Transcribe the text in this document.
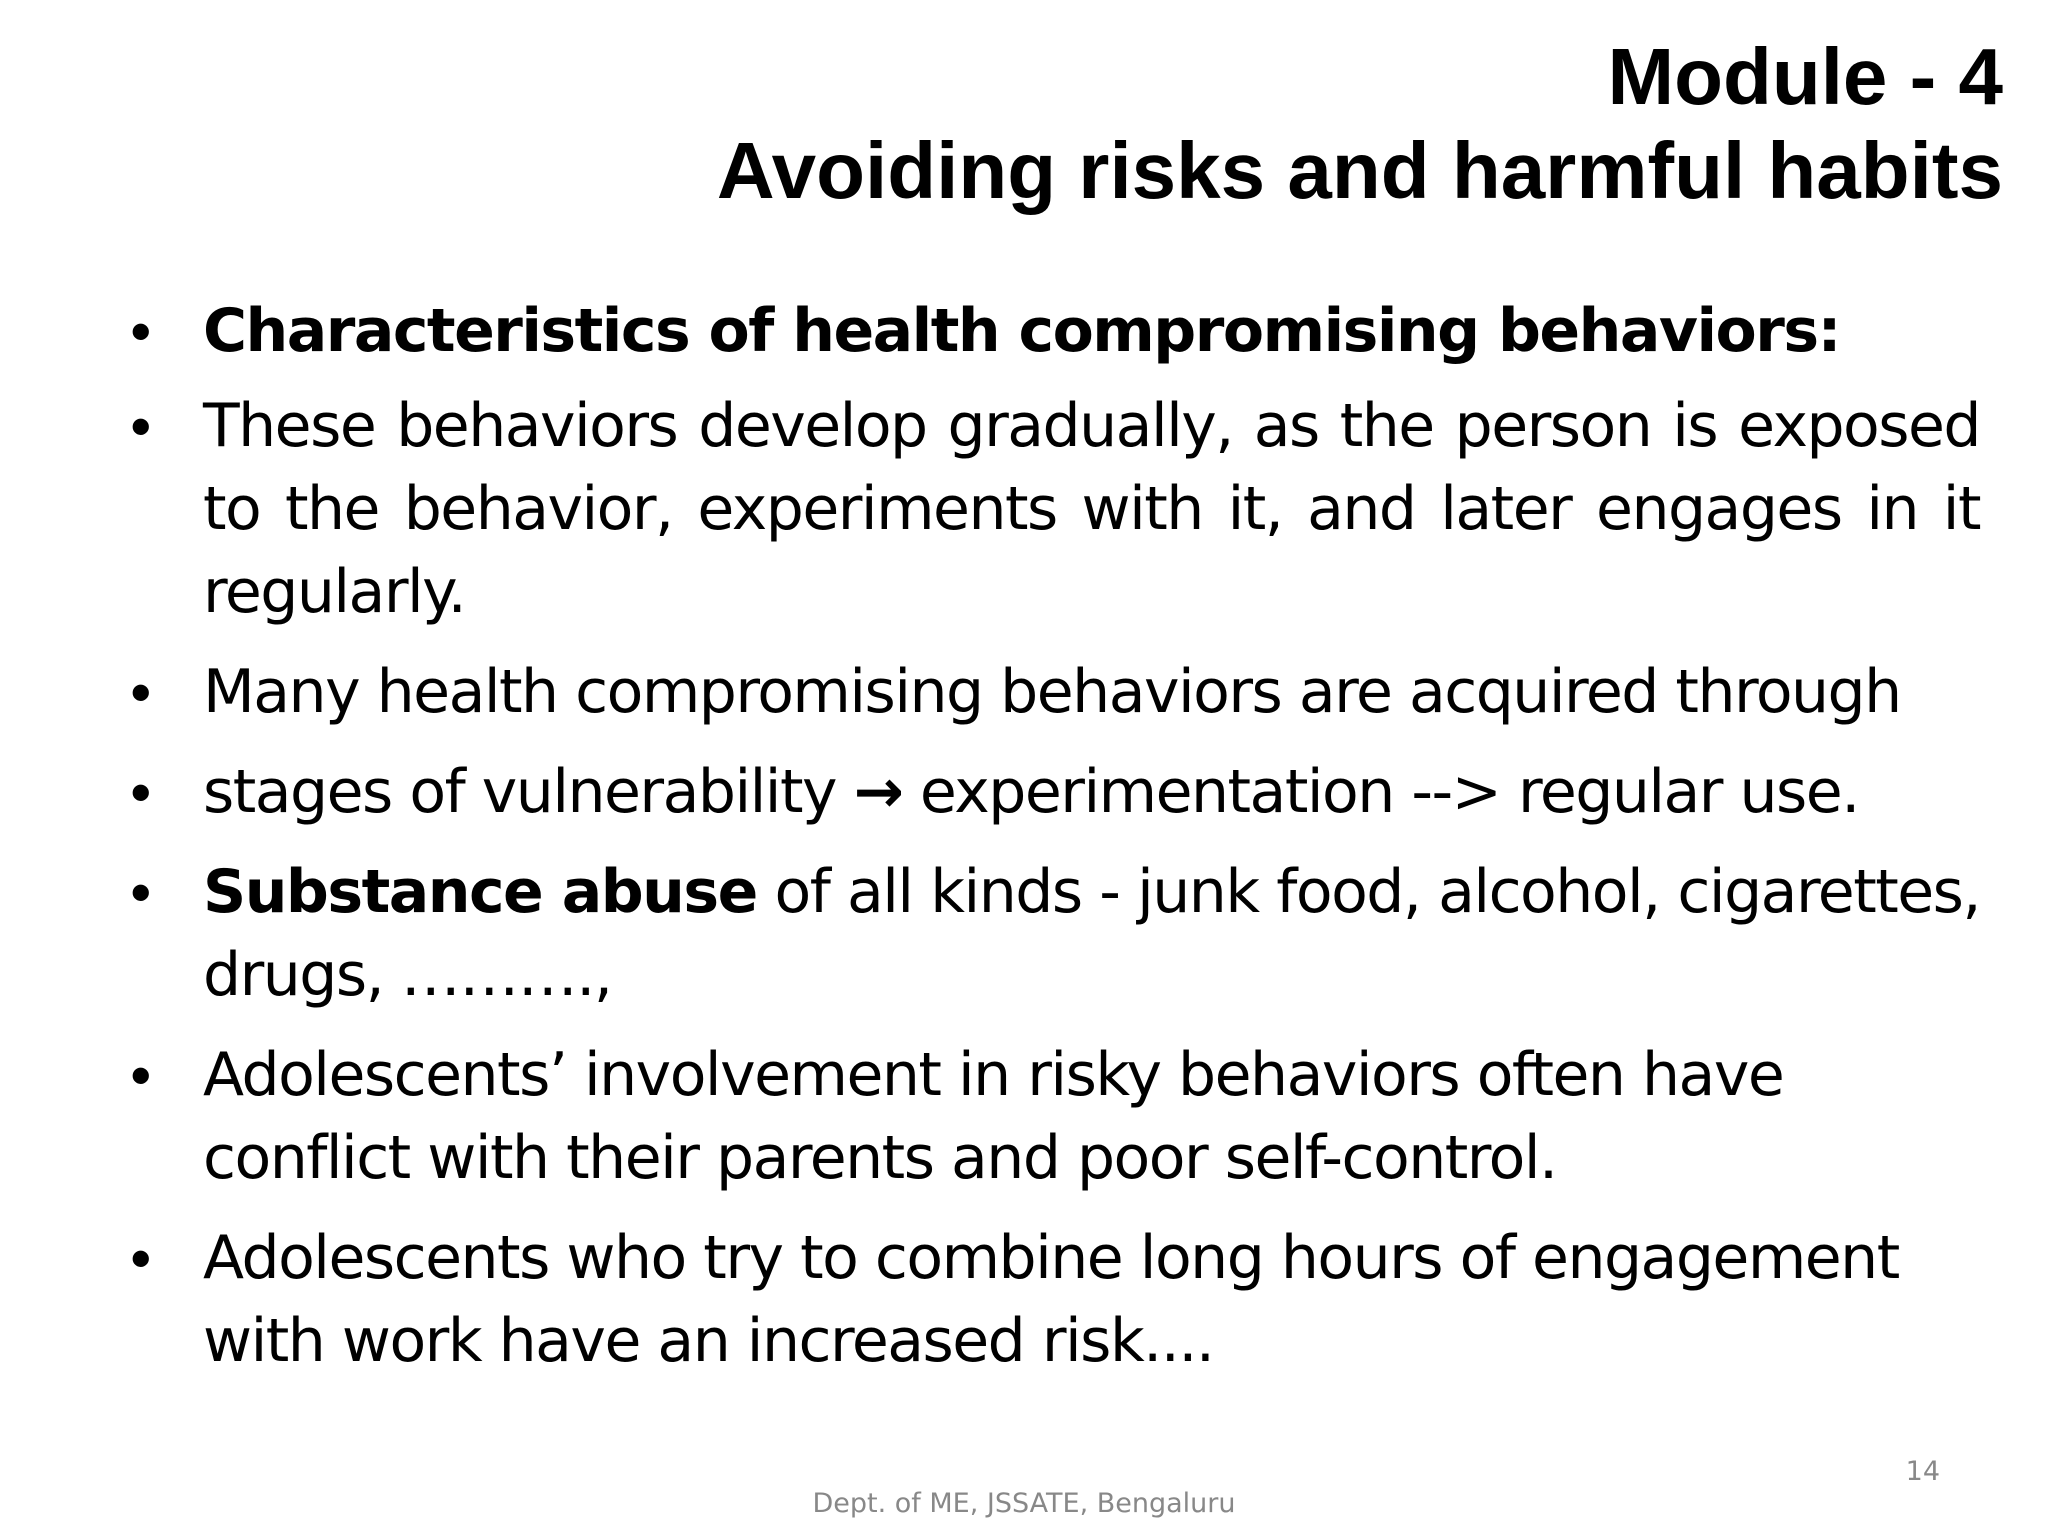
Module - 4
Avoiding risks and harmful habits
• Characteristics of health compromising behaviors:
• These behaviors develop gradually, as the person is exposed to the behavior, experiments with it, and later engages in it regularly.
• Many health compromising behaviors are acquired through
• stages of vulnerability → experimentation --> regular use.
• Substance abuse of all kinds - junk food, alcohol, cigarettes, drugs, ……….,
• Adolescents’ involvement in risky behaviors often have conflict with their parents and poor self-control.
• Adolescents who try to combine long hours of engagement with work have an increased risk....
14
Dept. of ME, JSSATE, Bengaluru
